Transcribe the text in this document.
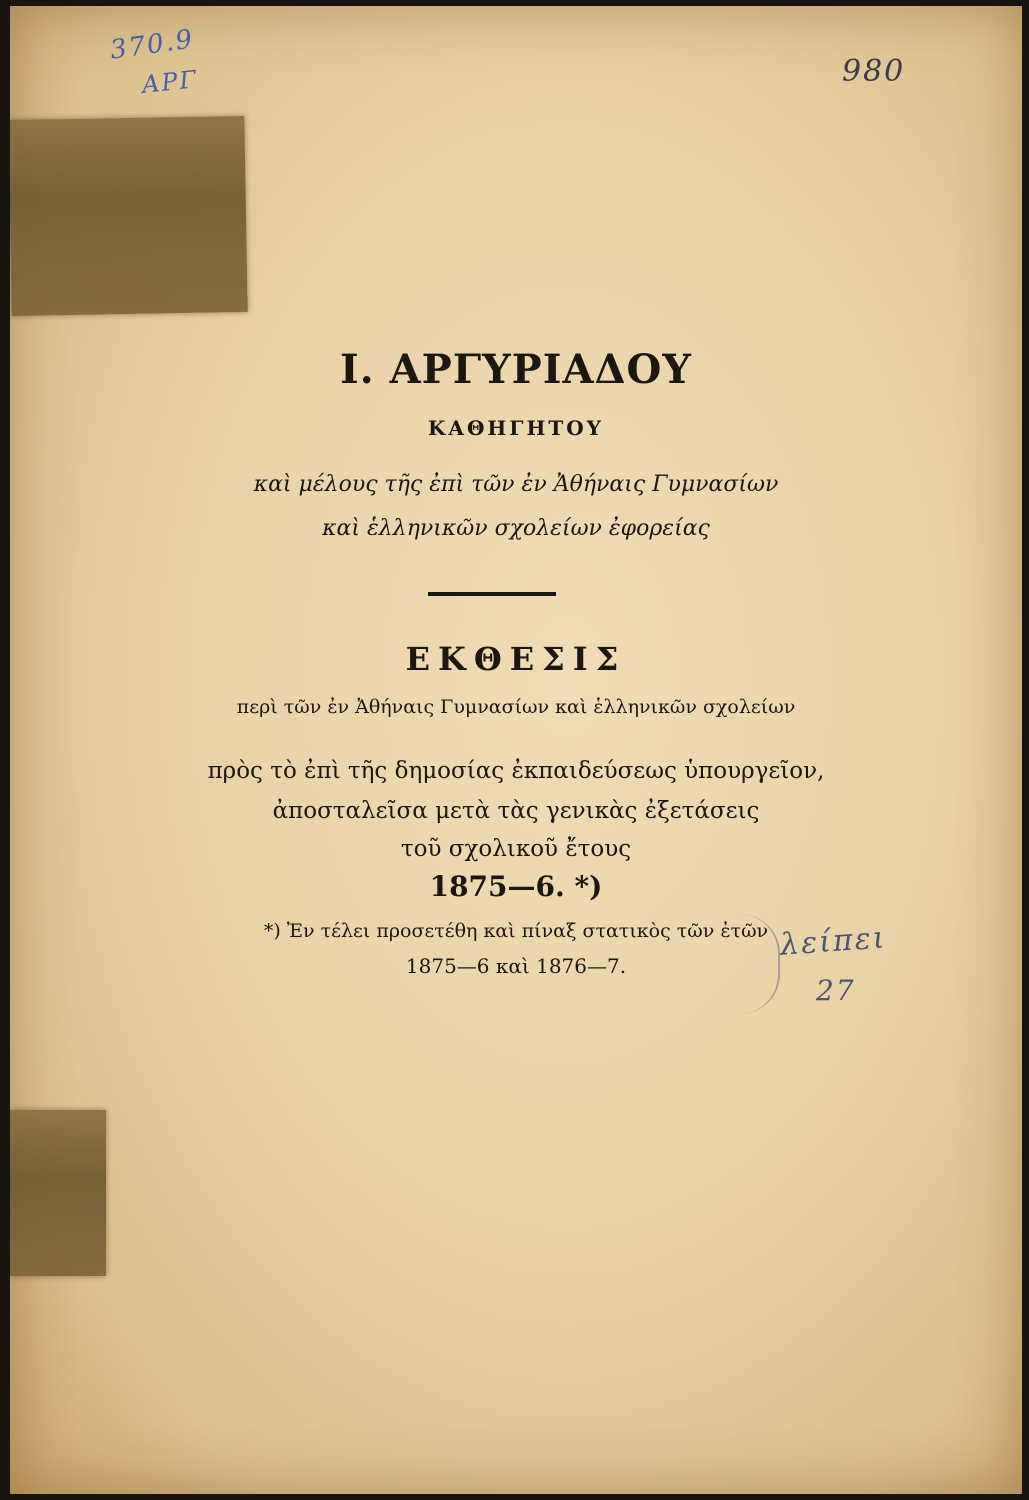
370.9
ΑΡΓ	980
Ι. ΑΡΓΥΡΙΑΔΟΥ
ΚΑΘΗΓΗΤΟΥ
καὶ μέλους τῆς ἐπὶ τῶν ἐν Ἀθήναις Γυμνασίων
καὶ ἑλληνικῶν σχολείων ἐφορείας
ΕΚΘΕΣΙΣ
περὶ τῶν ἐν Ἀθήναις Γυμνασίων καὶ ἑλληνικῶν σχολείων
πρὸς τὸ ἐπὶ τῆς δημοσίας ἐκπαιδεύσεως ὑπουργεῖον,
ἀποσταλεῖσα μετὰ τὰς γενικὰς ἐξετάσεις
τοῦ σχολικοῦ ἔτους
1875—6. *)
*) Ἐν τέλει προσετέθη καὶ πίναξ στατικὸς τῶν ἐτῶν
1875—6 καὶ 1876—7.
λείπει
27
